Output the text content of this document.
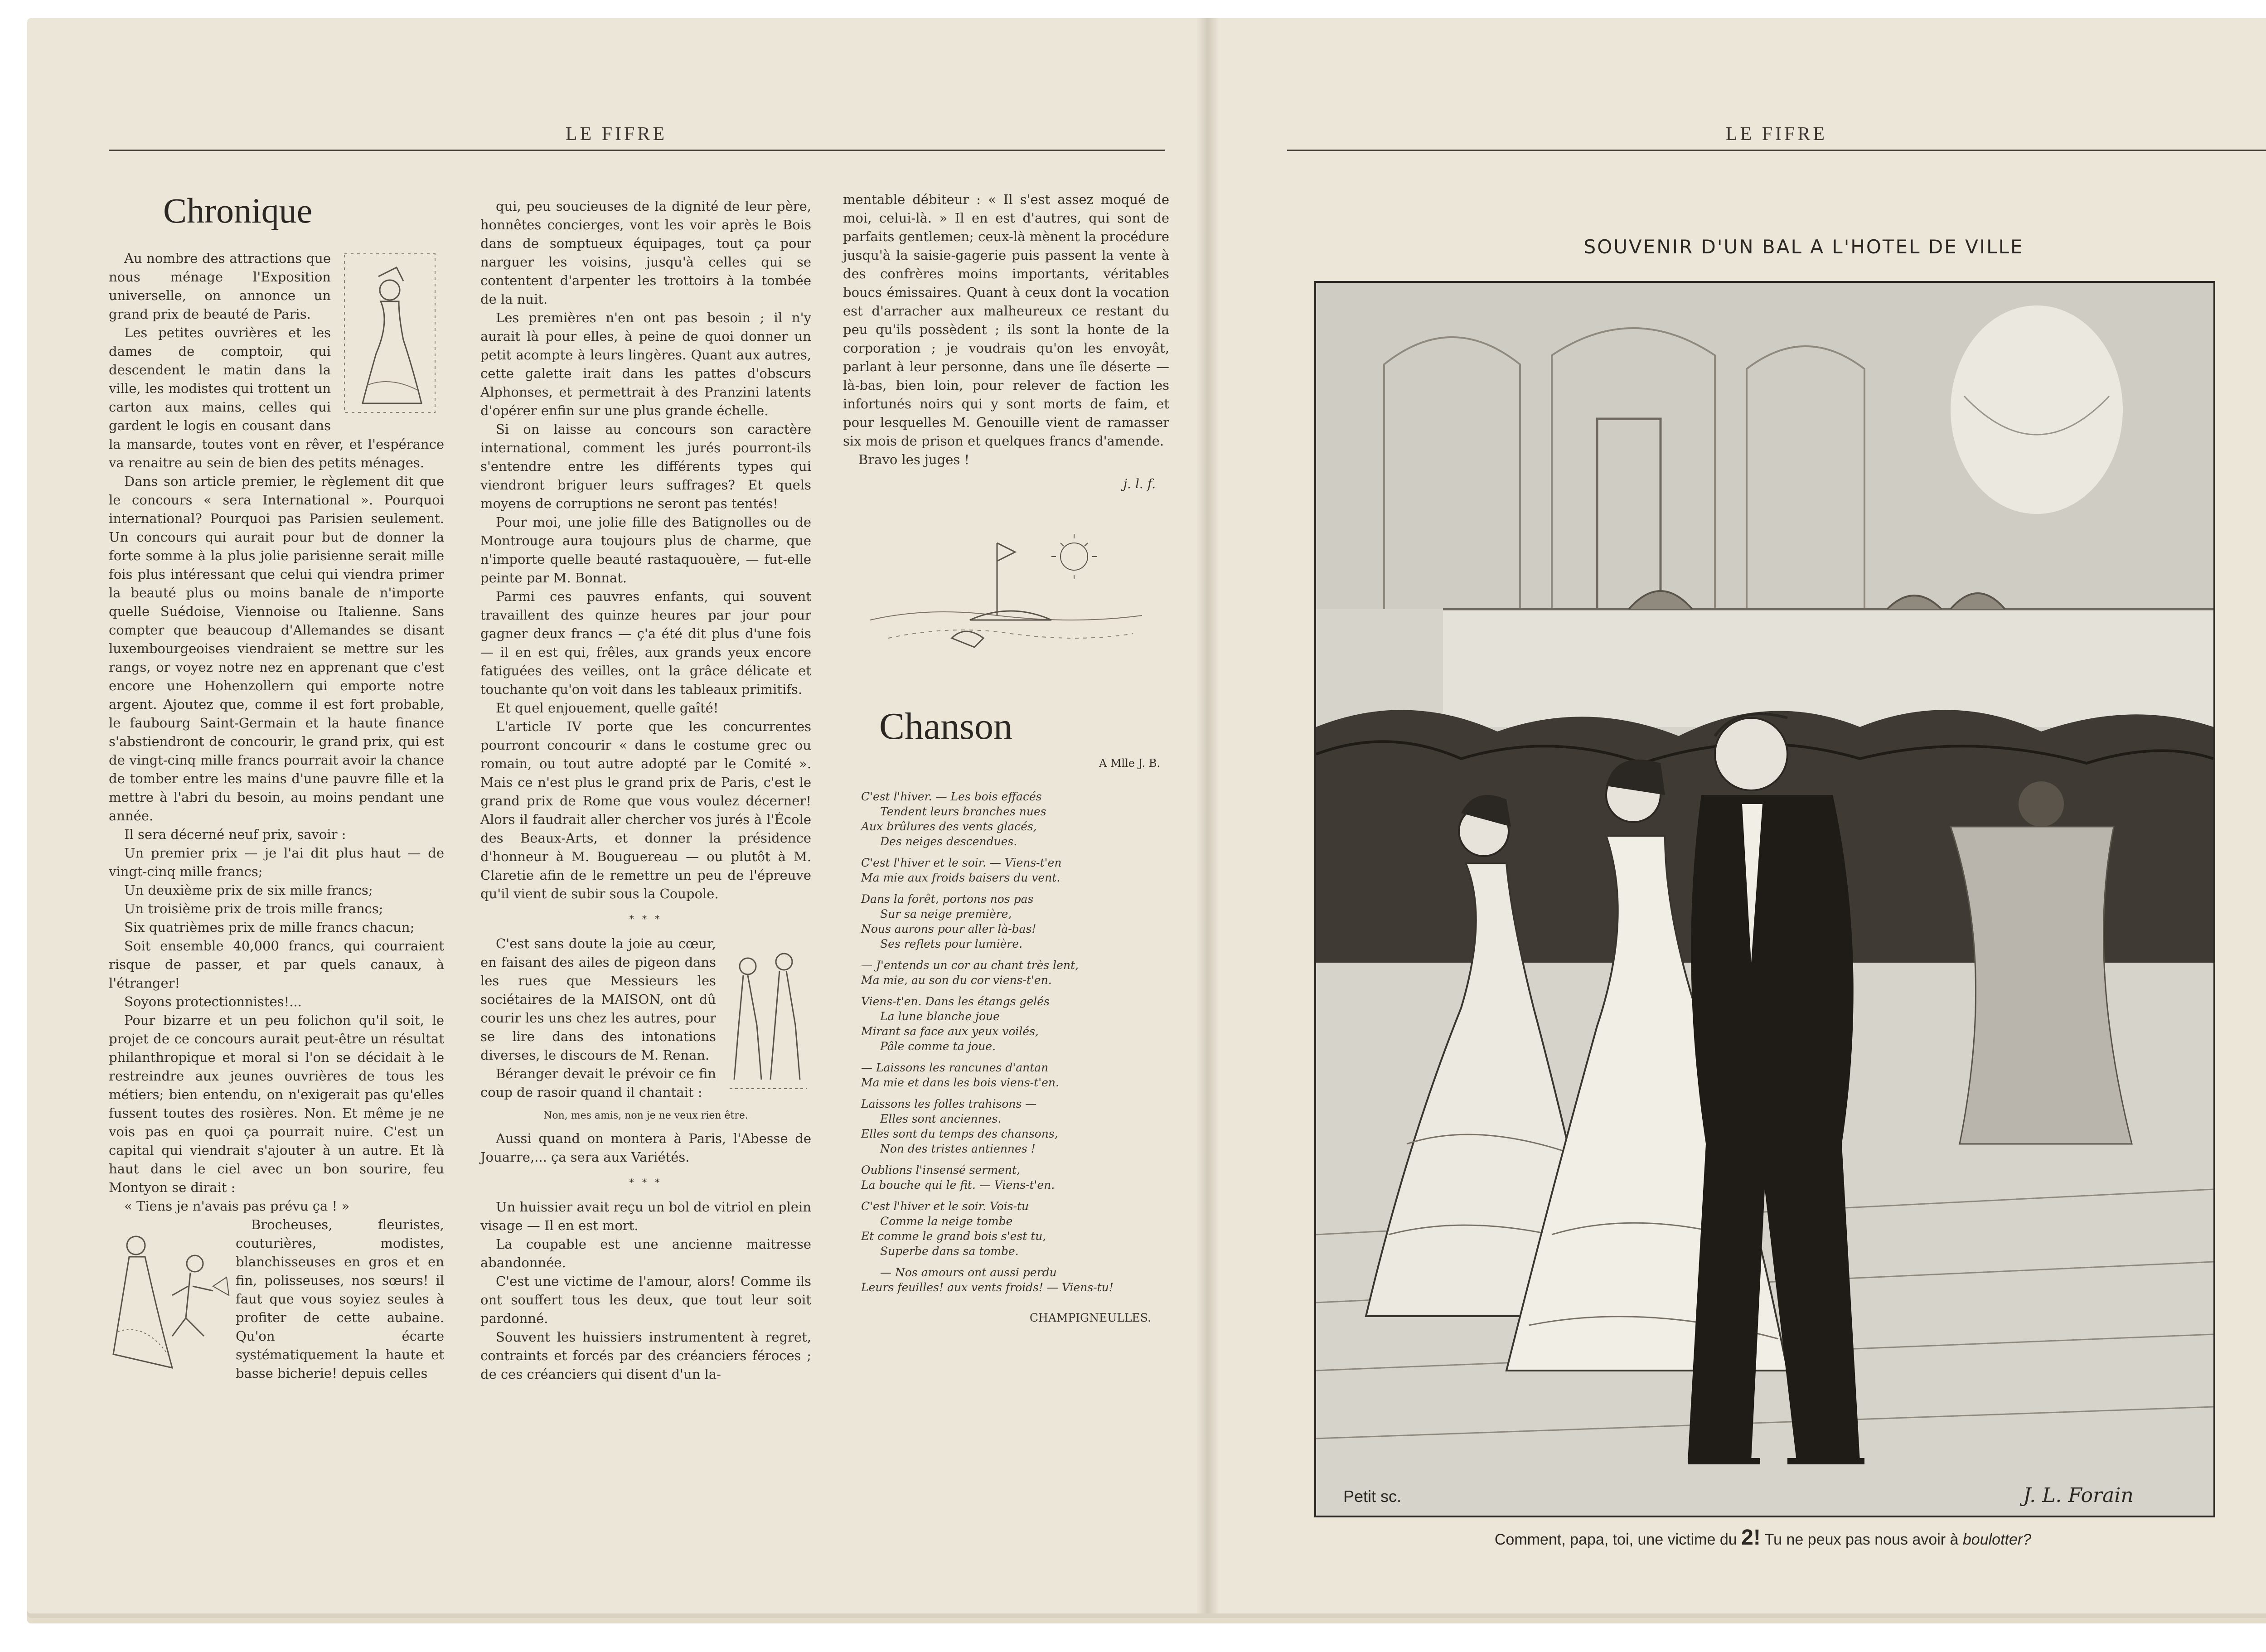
LE FIFRE
Chronique

Au nombre des attractions que nous ménage l'Exposition universelle, on annonce un grand prix de beauté de Paris.

Les petites ouvrières et les dames de comptoir, qui descendent le matin dans la ville, les modistes qui trottent un carton aux mains, celles qui gardent le logis en cousant dans la mansarde, toutes vont en rêver, et l'espérance va renaitre au sein de bien des petits ménages.

Dans son article premier, le règlement dit que le concours « sera International ». Pourquoi international? Pourquoi pas Parisien seulement. Un concours qui aurait pour but de donner la forte somme à la plus jolie parisienne serait mille fois plus intéressant que celui qui viendra primer la beauté plus ou moins banale de n'importe quelle Suédoise, Viennoise ou Italienne. Sans compter que beaucoup d'Allemandes se disant luxembourgeoises viendraient se mettre sur les rangs, or voyez notre nez en apprenant que c'est encore une Hohenzollern qui emporte notre argent. Ajoutez que, comme il est fort probable, le faubourg Saint-Germain et la haute finance s'abstiendront de concourir, le grand prix, qui est de vingt-cinq mille francs pourrait avoir la chance de tomber entre les mains d'une pauvre fille et la mettre à l'abri du besoin, au moins pendant une année.

Il sera décerné neuf prix, savoir :

Un premier prix — je l'ai dit plus haut — de vingt-cinq mille francs;

Un deuxième prix de six mille francs;

Un troisième prix de trois mille francs;

Six quatrièmes prix de mille francs chacun;

Soit ensemble 40,000 francs, qui courraient risque de passer, et par quels canaux, à l'étranger!

Soyons protectionnistes!...

Pour bizarre et un peu folichon qu'il soit, le projet de ce concours aurait peut-être un résultat philanthropique et moral si l'on se décidait à le restreindre aux jeunes ouvrières de tous les métiers; bien entendu, on n'exigerait pas qu'elles fussent toutes des rosières. Non. Et même je ne vois pas en quoi ça pourrait nuire. C'est un capital qui viendrait s'ajouter à un autre. Et là haut dans le ciel avec un bon sourire, feu Montyon se dirait :

« Tiens je n'avais pas prévu ça ! »

Brocheuses, fleuristes, couturières, modistes, blanchisseuses en gros et en fin, polisseuses, nos sœurs! il faut que vous soyiez seules à profiter de cette aubaine. Qu'on écarte systématiquement la haute et basse bicherie! depuis celles

qui, peu soucieuses de la dignité de leur père, honnêtes concierges, vont les voir après le Bois dans de somptueux équipages, tout ça pour narguer les voisins, jusqu'à celles qui se contentent d'arpenter les trottoirs à la tombée de la nuit.

Les premières n'en ont pas besoin ; il n'y aurait là pour elles, à peine de quoi donner un petit acompte à leurs lingères. Quant aux autres, cette galette irait dans les pattes d'obscurs Alphonses, et permettrait à des Pranzini latents d'opérer enfin sur une plus grande échelle.

Si on laisse au concours son caractère international, comment les jurés pourront-ils s'entendre entre les différents types qui viendront briguer leurs suffrages? Et quels moyens de corruptions ne seront pas tentés!

Pour moi, une jolie fille des Batignolles ou de Montrouge aura toujours plus de charme, que n'importe quelle beauté rastaquouère, — fut-elle peinte par M. Bonnat.

Parmi ces pauvres enfants, qui souvent travaillent des quinze heures par jour pour gagner deux francs — ç'a été dit plus d'une fois — il en est qui, frêles, aux grands yeux encore fatiguées des veilles, ont la grâce délicate et touchante qu'on voit dans les tableaux primitifs.

Et quel enjouement, quelle gaîté!

L'article IV porte que les concurrentes pourront concourir « dans le costume grec ou romain, ou tout autre adopté par le Comité ». Mais ce n'est plus le grand prix de Paris, c'est le grand prix de Rome que vous voulez décerner! Alors il faudrait aller chercher vos jurés à l'École des Beaux-Arts, et donner la présidence d'honneur à M. Bouguereau — ou plutôt à M. Claretie afin de le remettre un peu de l'épreuve qu'il vient de subir sous la Coupole.

* * *

C'est sans doute la joie au cœur, en faisant des ailes de pigeon dans les rues que Messieurs les sociétaires de la MAISON, ont dû courir les uns chez les autres, pour se lire dans des intonations diverses, le discours de M. Renan.

Béranger devait le prévoir ce fin coup de rasoir quand il chantait :

Non, mes amis, non je ne veux rien être.

Aussi quand on montera à Paris, l'Abesse de Jouarre,... ça sera aux Variétés.

* * *

Un huissier avait reçu un bol de vitriol en plein visage — Il en est mort.

La coupable est une ancienne maitresse abandonnée.

C'est une victime de l'amour, alors! Comme ils ont souffert tous les deux, que tout leur soit pardonné.

Souvent les huissiers instrumentent à regret, contraints et forcés par des créanciers féroces ; de ces créanciers qui disent d'un la-

mentable débiteur : « Il s'est assez moqué de moi, celui-là. » Il en est d'autres, qui sont de parfaits gentlemen; ceux-là mènent la procédure jusqu'à la saisie-gagerie puis passent la vente à des confrères moins importants, véritables boucs émissaires. Quant à ceux dont la vocation est d'arracher aux malheureux ce restant du peu qu'ils possèdent ; ils sont la honte de la corporation ; je voudrais qu'on les envoyât, parlant à leur personne, dans une île déserte — là-bas, bien loin, pour relever de faction les infortunés noirs qui y sont morts de faim, et pour lesquelles M. Genouille vient de ramasser six mois de prison et quelques francs d'amende.

Bravo les juges !

j. l. f.
Chanson
A Mlle J. B.
C'est l'hiver. — Les bois effacés
Tendent leurs branches nues
Aux brûlures des vents glacés,
Des neiges descendues.
C'est l'hiver et le soir. — Viens-t'en
Ma mie aux froids baisers du vent.
Dans la forêt, portons nos pas
Sur sa neige première,
Nous aurons pour aller là-bas!
Ses reflets pour lumière.
— J'entends un cor au chant très lent,
Ma mie, au son du cor viens-t'en.
Viens-t'en. Dans les étangs gelés
La lune blanche joue
Mirant sa face aux yeux voilés,
Pâle comme ta joue.
— Laissons les rancunes d'antan
Ma mie et dans les bois viens-t'en.
Laissons les folles trahisons —
Elles sont anciennes.
Elles sont du temps des chansons,
Non des tristes antiennes !
Oublions l'insensé serment,
La bouche qui le fit. — Viens-t'en.
C'est l'hiver et le soir. Vois-tu
Comme la neige tombe
Et comme le grand bois s'est tu,
Superbe dans sa tombe.
— Nos amours ont aussi perdu
Leurs feuilles! aux vents froids! — Viens-tu!
CHAMPIGNEULLES.
LE FIFRE
SOUVENIR D'UN BAL A L'HOTEL DE VILLE
Petit sc.	J. L. Forain
Comment, papa, toi, une victime du 2! Tu ne peux pas nous avoir à boulotter?
